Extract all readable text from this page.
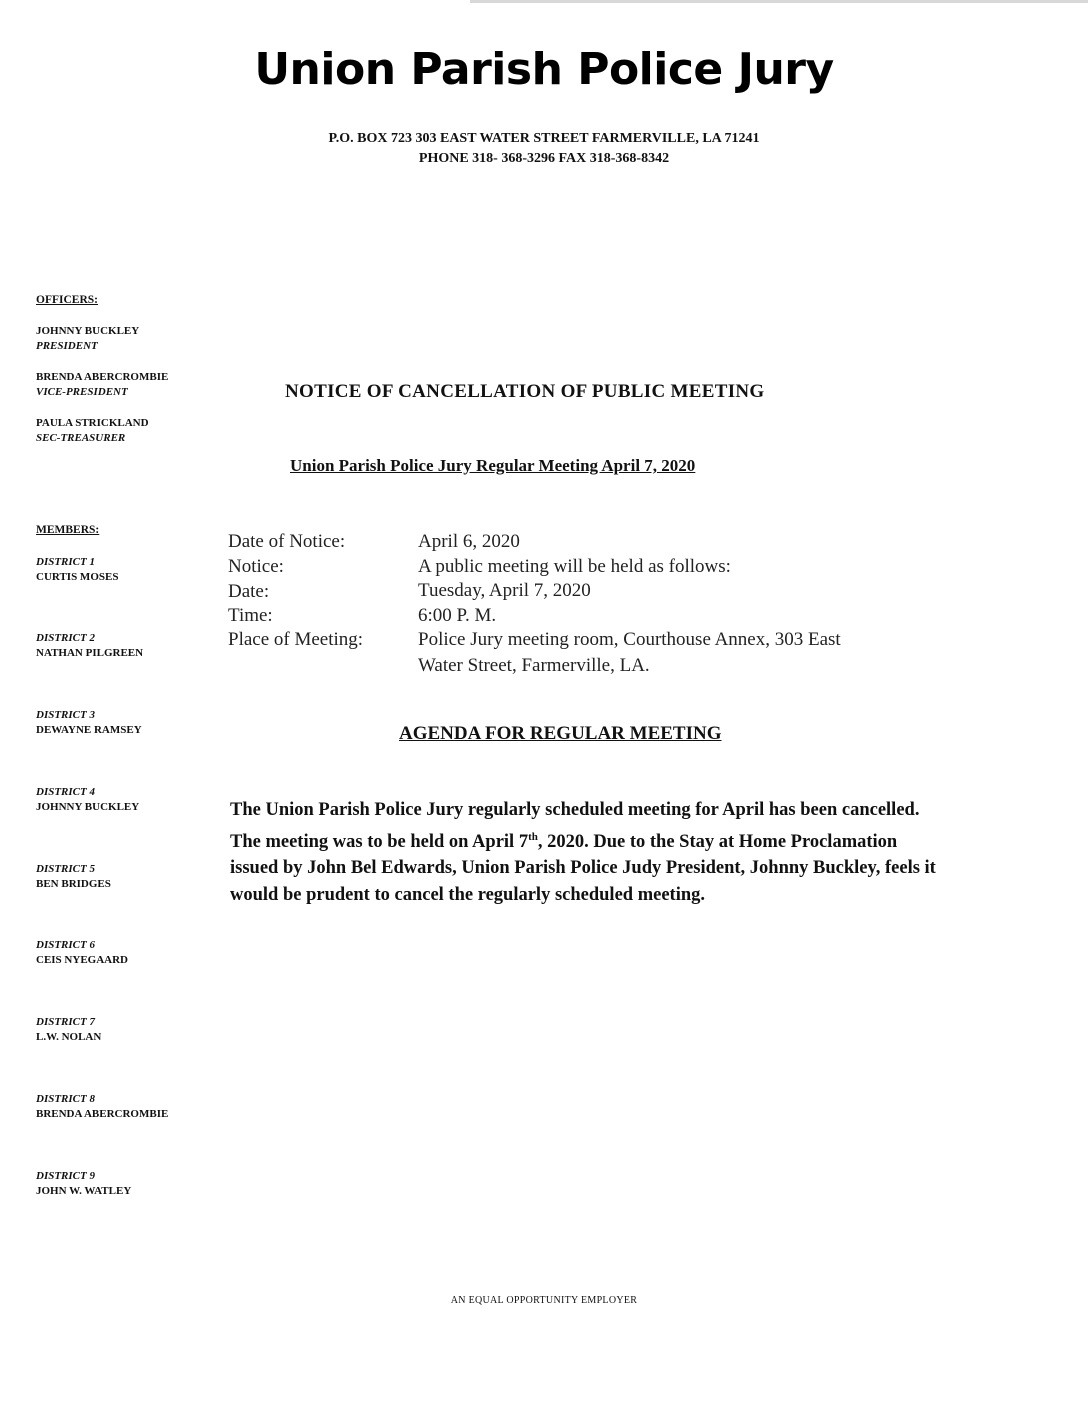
Union Parish Police Jury
P.O. BOX 723 303 EAST WATER STREET FARMERVILLE, LA 71241
PHONE 318- 368-3296 FAX 318-368-8342
OFFICERS:
JOHNNY BUCKLEY
PRESIDENT
BRENDA ABERCROMBIE
VICE-PRESIDENT
PAULA STRICKLAND
SEC-TREASURER
MEMBERS:
DISTRICT 1
CURTIS MOSES
DISTRICT 2
NATHAN PILGREEN
DISTRICT 3
DEWAYNE RAMSEY
DISTRICT 4
JOHNNY BUCKLEY
DISTRICT 5
BEN BRIDGES
DISTRICT 6
CEIS NYEGAARD
DISTRICT 7
L.W. NOLAN
DISTRICT 8
BRENDA ABERCROMBIE
DISTRICT 9
JOHN W. WATLEY
NOTICE OF CANCELLATION OF PUBLIC MEETING
Union Parish Police Jury Regular Meeting April 7, 2020
Date of Notice:	April 6, 2020
Notice:	A public meeting will be held as follows:
Date:	Tuesday, April 7, 2020
Time:	6:00 P. M.
Place of Meeting:	Police Jury meeting room, Courthouse Annex, 303 East
Water Street, Farmerville, LA.
AGENDA FOR REGULAR MEETING
The Union Parish Police Jury regularly scheduled meeting for April has been cancelled. The meeting was to be held on April 7th, 2020. Due to the Stay at Home Proclamation issued by John Bel Edwards, Union Parish Police Judy President, Johnny Buckley, feels it would be prudent to cancel the regularly scheduled meeting.
AN EQUAL OPPORTUNITY EMPLOYER
